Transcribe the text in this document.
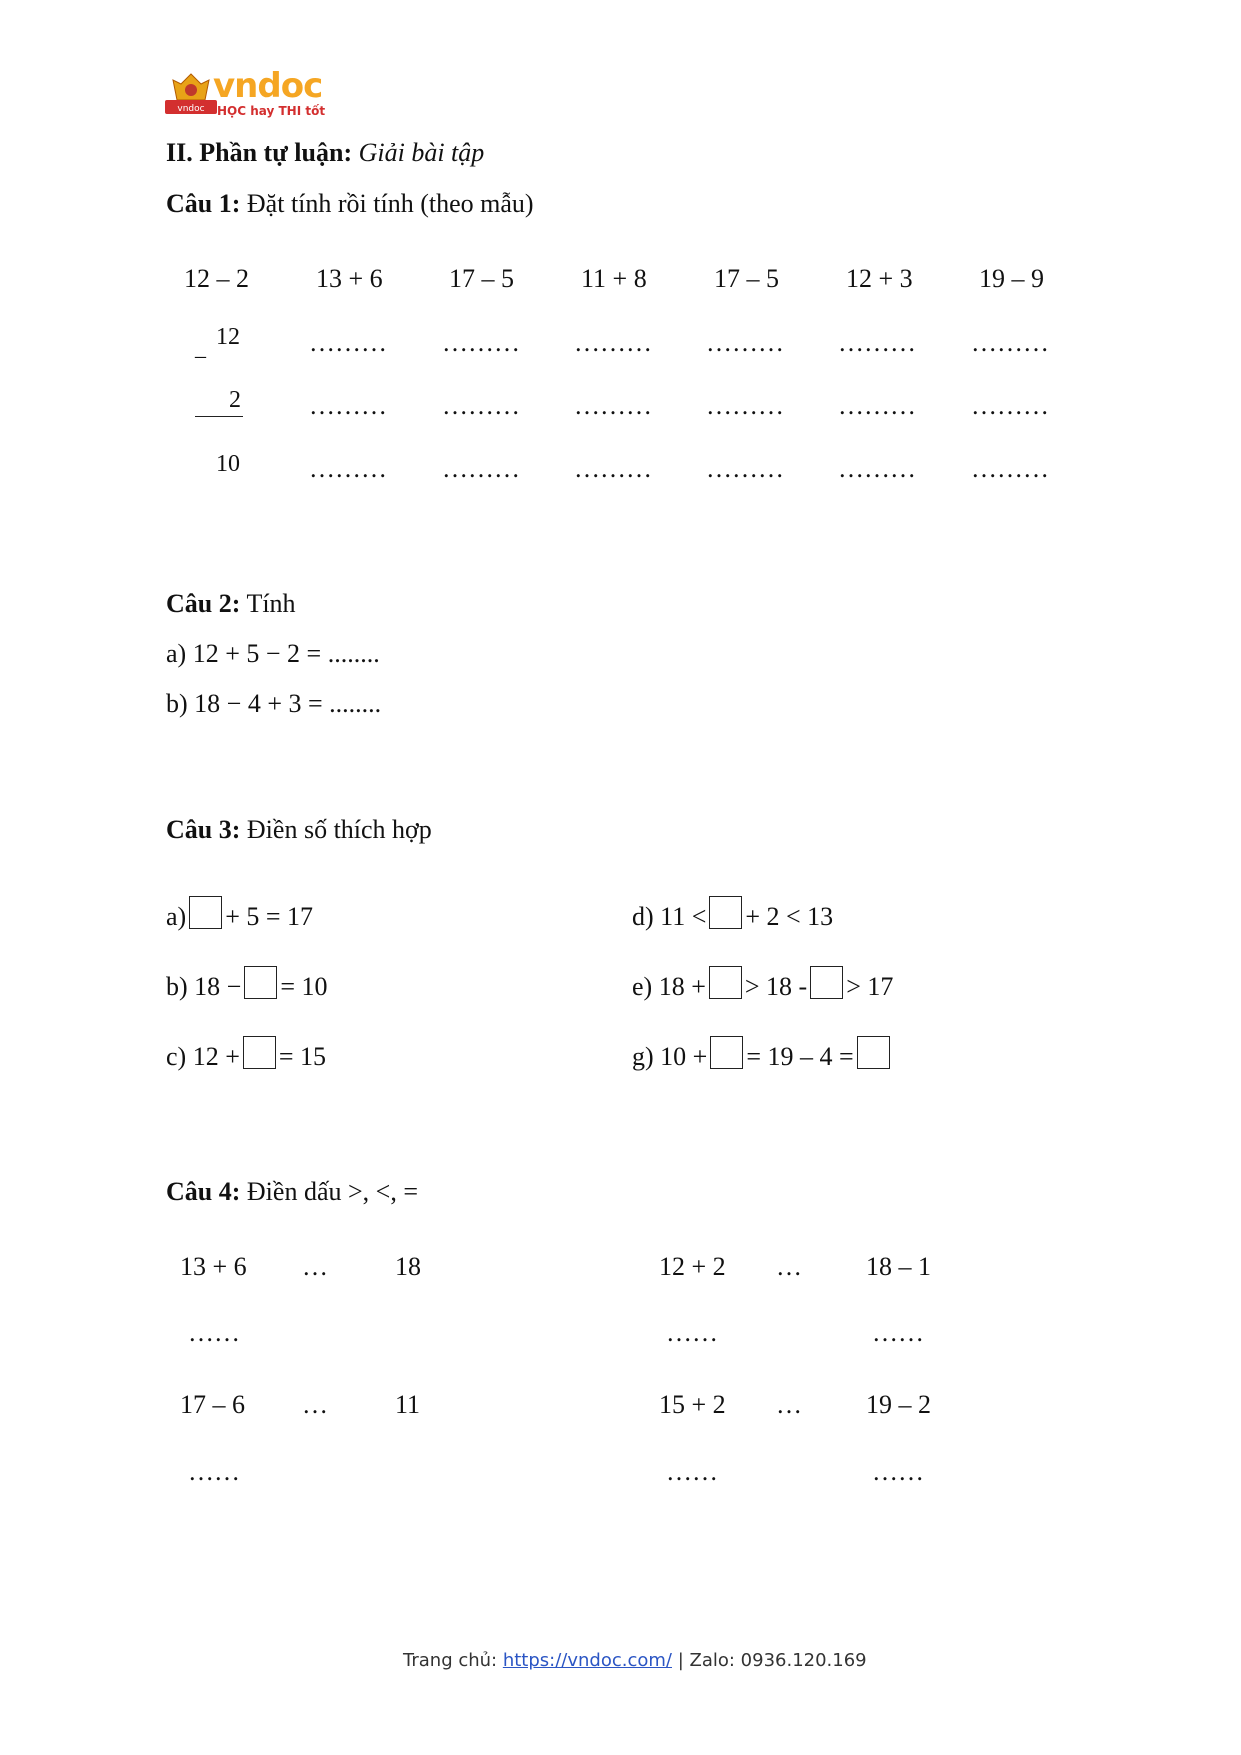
vndoc
vndoc
HỌC hay THI tốt
II. Phần tự luận: Giải bài tập
Câu 1: Đặt tính rồi tính (theo mẫu)
12 – 2	13 + 6	17 – 5	11 + 8	17 – 5	12 + 3	19 – 9
_ 12
2
10
……… ……… ……… ……… ……… ………
……… ……… ……… ……… ……… ………
……… ……… ……… ……… ……… ………
Câu 2: Tính
a) 12 + 5 − 2 = ........
b) 18 − 4 + 3 = ........
Câu 3: Điền số thích hợp
a) + 5 = 17
b) 18 − = 10
c) 12 + = 15
d) 11 < + 2 < 13
e) 18 + > 18 - > 17
g) 10 + = 19 – 4 =
Câu 4: Điền dấu >, <, =
13 + 6 …	18	12 + 2 … 18 – 1
……	……	……
17 – 6 …	11	15 + 2 … 19 – 2
……	……	……
Trang chủ: https://vndoc.com/ | Zalo: 0936.120.169
